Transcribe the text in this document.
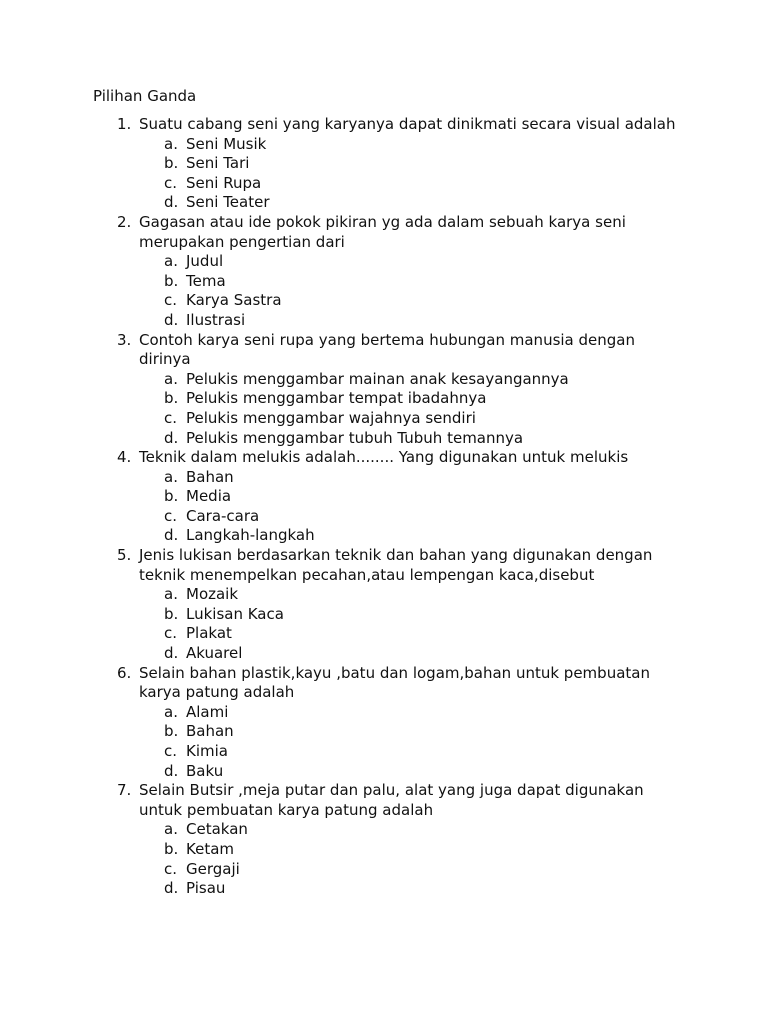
Pilihan Ganda
1. Suatu cabang seni yang karyanya dapat dinikmati secara visual adalah
a. Seni Musik
b. Seni Tari
c. Seni Rupa
d. Seni Teater
2. Gagasan atau ide pokok pikiran yg ada dalam sebuah karya seni merupakan pengertian dari
a. Judul
b. Tema
c. Karya Sastra
d. Ilustrasi
3. Contoh karya seni rupa yang bertema hubungan manusia dengan dirinya
a. Pelukis menggambar mainan anak kesayangannya
b. Pelukis menggambar tempat ibadahnya
c. Pelukis menggambar wajahnya sendiri
d. Pelukis menggambar tubuh Tubuh temannya
4. Teknik dalam melukis adalah........ Yang digunakan untuk melukis
a. Bahan
b. Media
c. Cara-cara
d. Langkah-langkah
5. Jenis lukisan berdasarkan teknik dan bahan yang digunakan dengan teknik menempelkan pecahan,atau lempengan kaca,disebut
a. Mozaik
b. Lukisan Kaca
c. Plakat
d. Akuarel
6. Selain bahan plastik,kayu ,batu dan logam,bahan untuk pembuatan karya patung adalah
a. Alami
b. Bahan
c. Kimia
d. Baku
7. Selain Butsir ,meja putar dan palu, alat yang juga dapat digunakan untuk pembuatan karya patung adalah
a. Cetakan
b. Ketam
c. Gergaji
d. Pisau
